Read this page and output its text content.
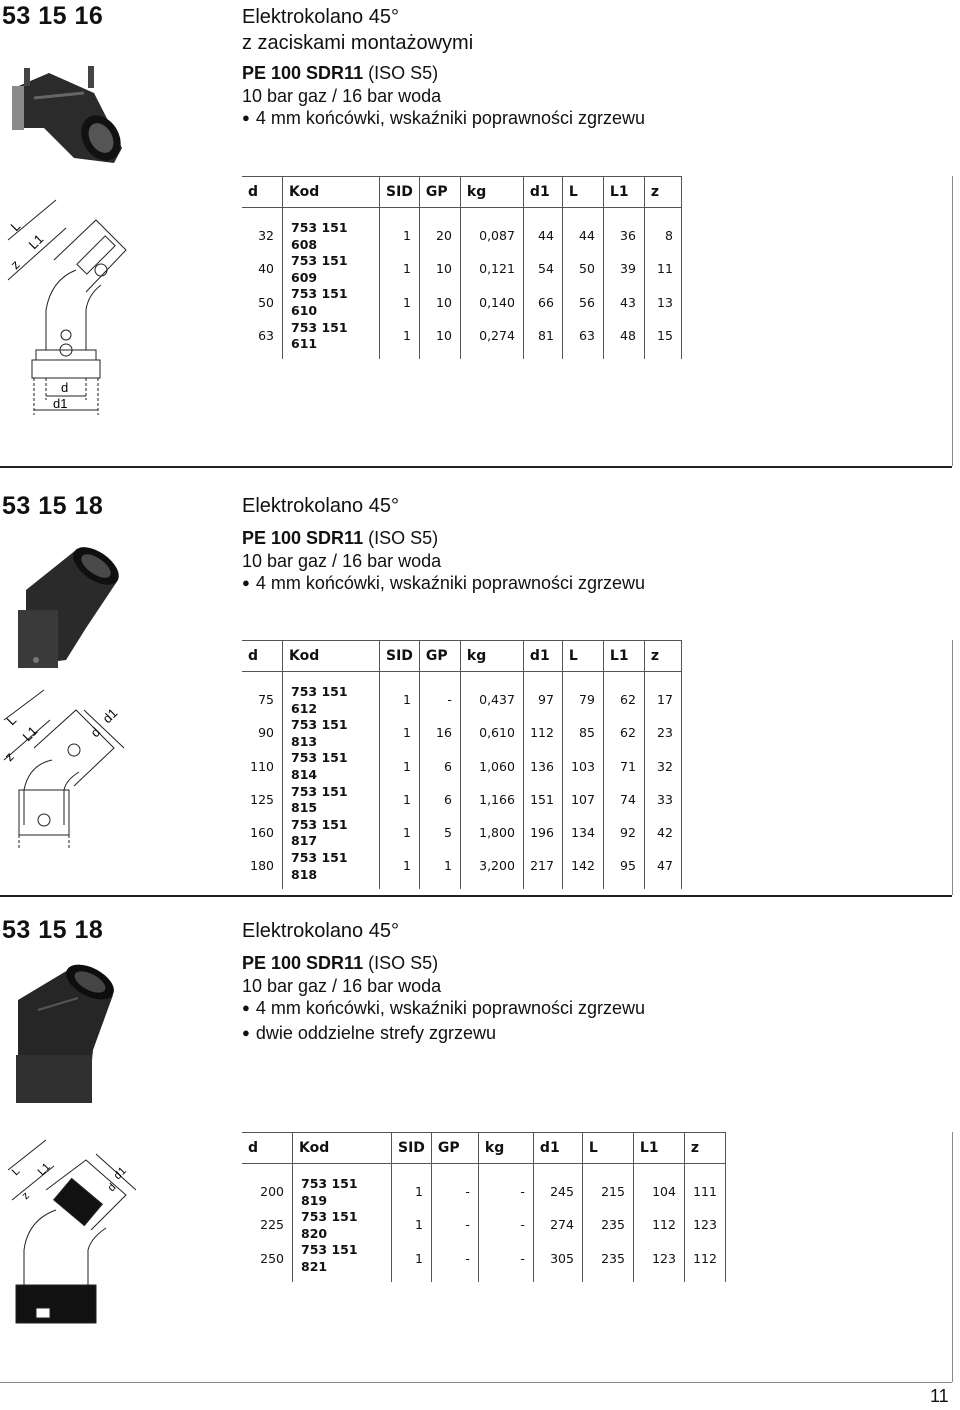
53 15 16	Elektrokolano 45°
z zaciskami montażowymi
PE 100 SDR11 (ISO S5)
10 bar gaz / 16 bar woda
● 4 mm końcówki, wskaźniki poprawności zgrzewu
L
L1
z
d
d1
d	Kod	SID	GP	kg	d1	L	L1	z

32	753 151 608	1	20	0,087	44	44	36	8
40	753 151 609	1	10	0,121	54	50	39	11
50	753 151 610	1	10	0,140	66	56	43	13
63	753 151 611	1	10	0,274	81	63	48	15

53 15 18	Elektrokolano 45°
PE 100 SDR11 (ISO S5)
10 bar gaz / 16 bar woda
● 4 mm końcówki, wskaźniki poprawności zgrzewu
L
L1
z
d
d1
d	Kod	SID	GP	kg	d1	L	L1	z

75	753 151 612	1	-	0,437	97	79	62	17
90	753 151 813	1	16	0,610	112	85	62	23
110	753 151 814	1	6	1,060	136	103	71	32
125	753 151 815	1	6	1,166	151	107	74	33
160	753 151 817	1	5	1,800	196	134	92	42
180	753 151 818	1	1	3,200	217	142	95	47

53 15 18	Elektrokolano 45°
PE 100 SDR11 (ISO S5)
10 bar gaz / 16 bar woda
● 4 mm końcówki, wskaźniki poprawności zgrzewu
● dwie oddzielne strefy zgrzewu
L L1
z
d
d1
d	Kod	SID	GP	kg	d1	L	L1	z

200	753 151 819	1	-	-	245	215	104	111
225	753 151 820	1	-	-	274	235	112	123
250	753 151 821	1	-	-	305	235	123	112

11
